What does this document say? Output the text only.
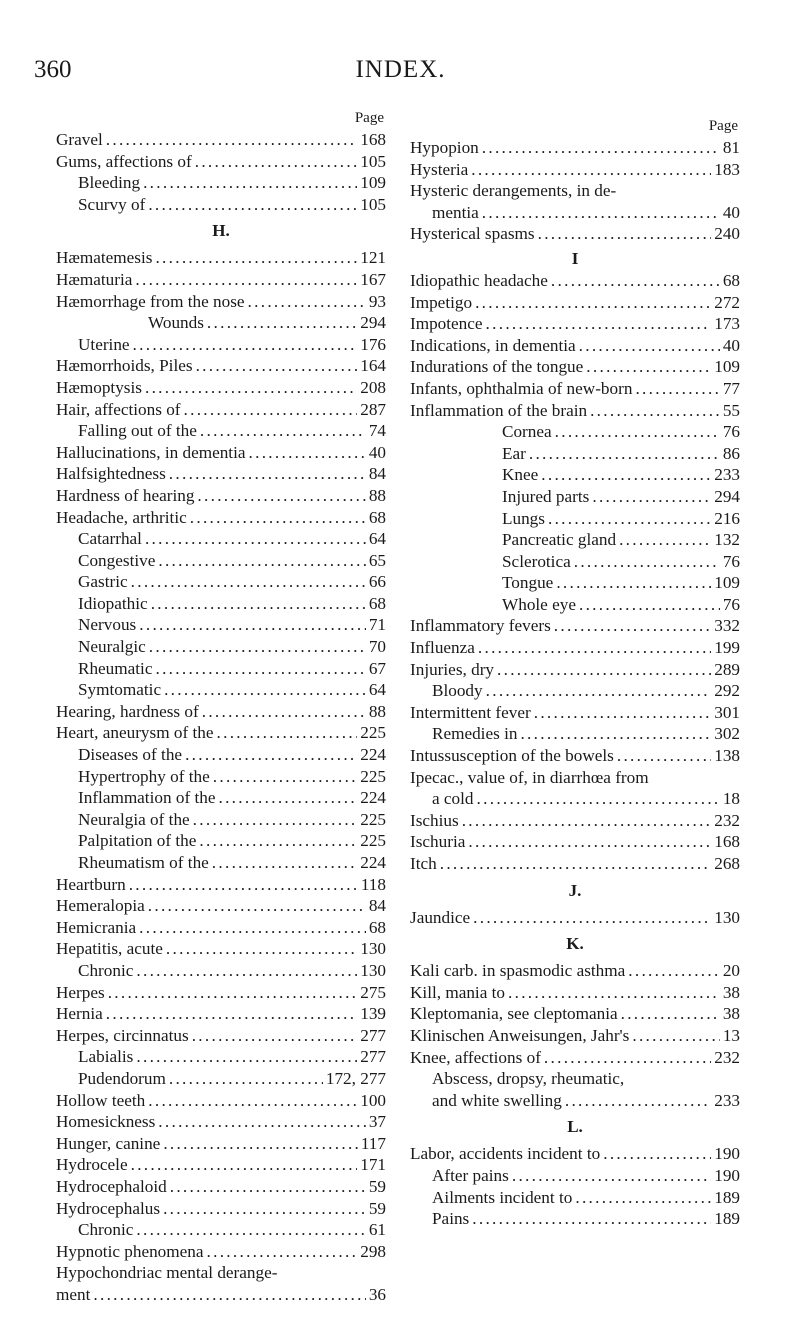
360	INDEX.
Page
Gravel . . .	168
Gums, affections of . . .	105
Bleeding . . .	109
Scurvy of . . .	105
H.
Hæmatemesis . . .	121
Hæmaturia . . .	167
Hæmorrhage from the nose . . .	93
Wounds . . .	294
Uterine . . .	176
Hæmorrhoids, Piles . . .	164
Hæmoptysis . . .	208
Hair, affections of . . .	287
Falling out of the . . .	74
Hallucinations, in dementia . . .	40
Halfsightedness . . .	84
Hardness of hearing . . .	88
Headache, arthritic . . .	68
Catarrhal . . .	64
Congestive . . .	65
Gastric . . .	66
Idiopathic . . .	68
Nervous . . .	71
Neuralgic . . .	70
Rheumatic . . .	67
Symtomatic . . .	64
Hearing, hardness of . . .	88
Heart, aneurysm of the . . .	225
Diseases of the . . .	224
Hypertrophy of the . . .	225
Inflammation of the . . .	224
Neuralgia of the . . .	225
Palpitation of the . . .	225
Rheumatism of the . . .	224
Heartburn . . .	118
Hemeralopia . . .	84
Hemicrania . . .	68
Hepatitis, acute . . .	130
Chronic . . .	130
Herpes . . .	275
Hernia . . .	139
Herpes, circinnatus . . .	277
Labialis . . .	277
Pudendorum . . .	172, 277
Hollow teeth . . .	100
Homesickness . . .	37
Hunger, canine . . .	117
Hydrocele . . .	171
Hydrocephaloid . . .	59
Hydrocephalus . . .	59
Chronic . . .	61
Hypnotic phenomena . . .	298
Hypochondriac mental derange-
ment . . .	36
Page
Hypopion . . .	81
Hysteria . . .	183
Hysteric derangements, in de-
mentia . . .	40
Hysterical spasms . . .	240
I
Idiopathic headache . . .	68
Impetigo . . .	272
Impotence . . .	173
Indications, in dementia . . .	40
Indurations of the tongue . . .	109
Infants, ophthalmia of new-born . . .	77
Inflammation of the brain . . .	55
Cornea . . .	76
Ear . . .	86
Knee . . .	233
Injured parts . . .	294
Lungs . . .	216
Pancreatic gland . . .	132
Sclerotica . . .	76
Tongue . . .	109
Whole eye . . .	76
Inflammatory fevers . . .	332
Influenza . . .	199
Injuries, dry . . .	289
Bloody . . .	292
Intermittent fever . . .	301
Remedies in . . .	302
Intussusception of the bowels . . .	138
Ipecac., value of, in diarrhœa from
a cold . . .	18
Ischius . . .	232
Ischuria . . .	168
Itch . . .	268
J.
Jaundice . . .	130
K.
Kali carb. in spasmodic asthma . . .	20
Kill, mania to . . .	38
Kleptomania, see cleptomania . . .	38
Klinischen Anweisungen, Jahr's . . .	13
Knee, affections of . . .	232
Abscess, dropsy, rheumatic,
and white swelling . . .	233
L.
Labor, accidents incident to . . .	190
After pains . . .	190
Ailments incident to . . .	189
Pains . . .	189
